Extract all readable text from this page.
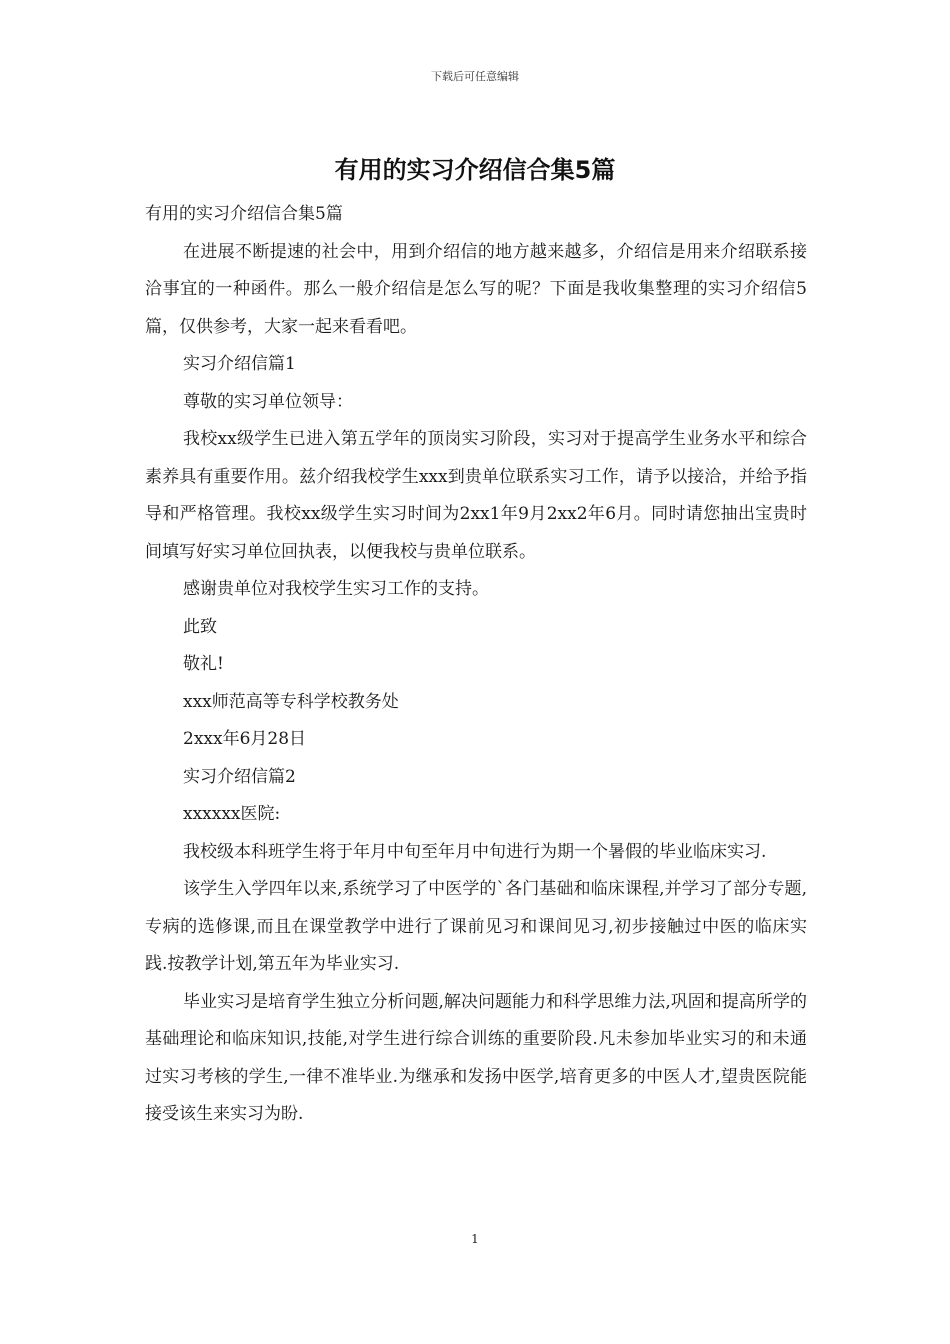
下载后可任意编辑
有用的实习介绍信合集5篇

有用的实习介绍信合集5篇

在进展不断提速的社会中，用到介绍信的地方越来越多，介绍信是用来介绍联系接洽事宜的一种函件。那么一般介绍信是怎么写的呢？下面是我收集整理的实习介绍信5篇，仅供参考，大家一起来看看吧。

实习介绍信篇1

尊敬的实习单位领导：

我校xx级学生已进入第五学年的顶岗实习阶段，实习对于提高学生业务水平和综合素养具有重要作用。兹介绍我校学生xxx到贵单位联系实习工作，请予以接洽，并给予指导和严格管理。我校xx级学生实习时间为2xx1年9月2xx2年6月。同时请您抽出宝贵时间填写好实习单位回执表，以便我校与贵单位联系。

感谢贵单位对我校学生实习工作的支持。

此致

敬礼!

xxx师范高等专科学校教务处

2xxx年6月28日

实习介绍信篇2

xxxxxx医院:

我校级本科班学生将于年月中旬至年月中旬进行为期一个暑假的毕业临床实习.

该学生入学四年以来,系统学习了中医学的`各门基础和临床课程,并学习了部分专题,专病的选修课,而且在课堂教学中进行了课前见习和课间见习,初步接触过中医的临床实践.按教学计划,第五年为毕业实习.

毕业实习是培育学生独立分析问题,解决问题能力和科学思维力法,巩固和提高所学的基础理论和临床知识,技能,对学生进行综合训练的重要阶段.凡未参加毕业实习的和未通过实习考核的学生,一律不准毕业.为继承和发扬中医学,培育更多的中医人才,望贵医院能接受该生来实习为盼.

1
